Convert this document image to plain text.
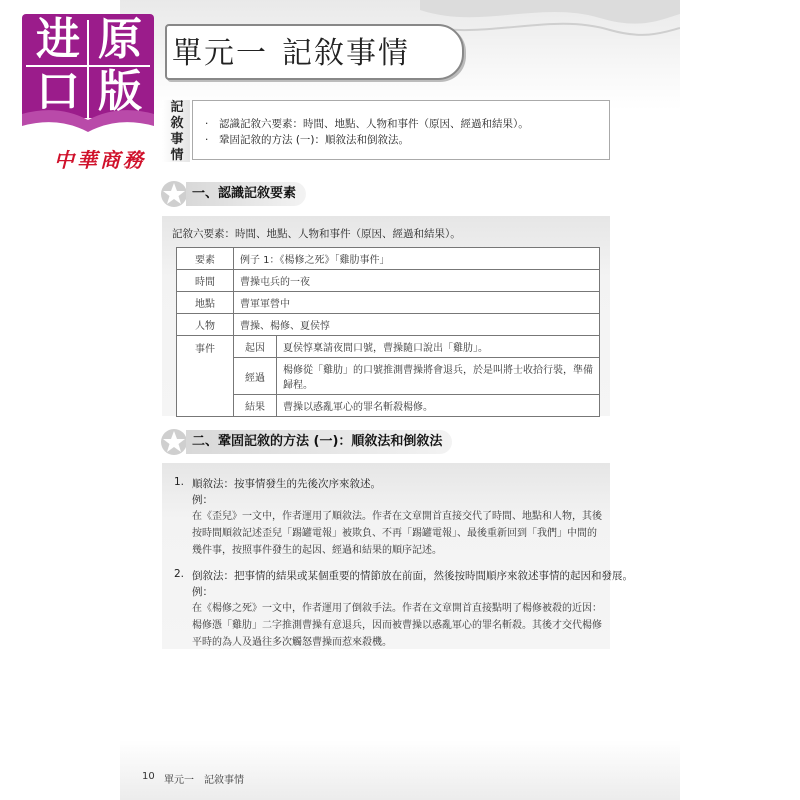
單元一 記敘事情
进 原
口 版
中華商務
記
敘
事
情
· 認識記敘六要素：時間、地點、人物和事件（原因、經過和結果）。
· 鞏固記敘的方法 (一)：順敘法和倒敘法。
一、認識記敘要素
記敘六要素：時間、地點、人物和事件（原因、經過和結果）。
要素	例子 1：《楊修之死》「雞肋事件」	
時間	曹操屯兵的一夜	
地點	曹軍軍營中	
人物	曹操、楊修、夏侯惇	
事件	起因	夏侯惇稟請夜間口號，曹操隨口說出「雞肋」。
	經過	楊修從「雞肋」的口號推測曹操將會退兵，於是叫將士收拾行裝，準備歸程。
	結果	曹操以惑亂軍心的罪名斬殺楊修。
二、鞏固記敘的方法 (一)：順敘法和倒敘法
1. 順敘法：按事情發生的先後次序來敘述。
例：
在《歪兒》一文中，作者運用了順敘法。作者在文章開首直接交代了時間、地點和人物，其後按時間順敘記述歪兒「踢罐電報」被欺負、不再「踢罐電報」、最後重新回到「我們」中間的幾件事，按照事件發生的起因、經過和結果的順序記述。
2. 倒敘法：把事情的結果或某個重要的情節放在前面，然後按時間順序來敘述事情的起因和發展。
例：
在《楊修之死》一文中，作者運用了倒敘手法。作者在文章開首直接點明了楊修被殺的近因：楊修憑「雞肋」二字推測曹操有意退兵，因而被曹操以惑亂軍心的罪名斬殺。其後才交代楊修平時的為人及過往多次觸怒曹操而惹來殺機。
10 單元一　記敘事情
